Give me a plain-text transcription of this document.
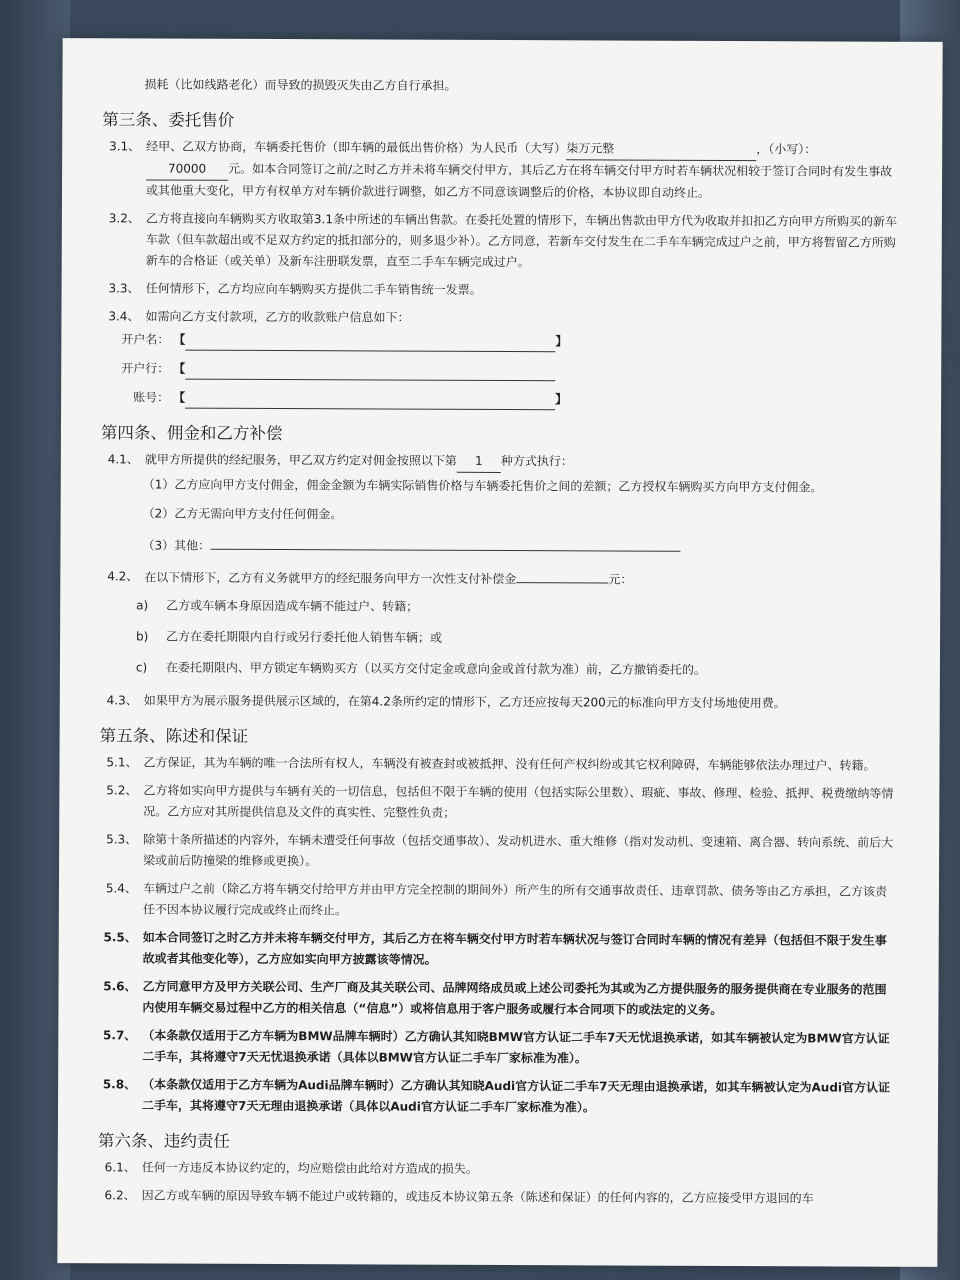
损耗（比如线路老化）而导致的损毁灭失由乙方自行承担。
第三条、委托售价
3.1、 经甲、乙双方协商，车辆委托售价（即车辆的最低出售价格）为人民币（大写）柒万元整	，（小写）：70000 元。如本合同签订之前/之时乙方并未将车辆交付甲方，其后乙方在将车辆交付甲方时若车辆状况相较于签订合同时有发生事故或其他重大变化，甲方有权单方对车辆价款进行调整，如乙方不同意该调整后的价格，本协议即自动终止。
3.2、 乙方将直接向车辆购买方收取第3.1条中所述的车辆出售款。在委托处置的情形下，车辆出售款由甲方代为收取并扣扣乙方向甲方所购买的新车车款（但车款超出或不足双方约定的抵扣部分的，则多退少补）。乙方同意，若新车交付发生在二手车车辆完成过户之前，甲方将暂留乙方所购新车的合格证（或关单）及新车注册联发票，直至二手车车辆完成过户。
3.3、 任何情形下，乙方均应向车辆购买方提供二手车销售统一发票。
3.4、 如需向乙方支付款项，乙方的收款账户信息如下：
开户名： 【	】
开户行： 【
账号： 【	】
第四条、佣金和乙方补偿
4.1、 就甲方所提供的经纪服务，甲乙双方约定对佣金按照以下第 1 种方式执行：
（1）乙方应向甲方支付佣金，佣金金额为车辆实际销售价格与车辆委托售价之间的差额；乙方授权车辆购买方向甲方支付佣金。
（2）乙方无需向甲方支付任何佣金。
（3）其他：
4.2、 在以下情形下，乙方有义务就甲方的经纪服务向甲方一次性支付补偿金	元：
a)	乙方或车辆本身原因造成车辆不能过户、转籍；
b)	乙方在委托期限内自行或另行委托他人销售车辆；或
c)	在委托期限内、甲方锁定车辆购买方（以买方交付定金或意向金或首付款为准）前，乙方撤销委托的。
4.3、 如果甲方为展示服务提供展示区域的，在第4.2条所约定的情形下，乙方还应按每天200元的标准向甲方支付场地使用费。
第五条、陈述和保证
5.1、 乙方保证，其为车辆的唯一合法所有权人，车辆没有被查封或被抵押、没有任何产权纠纷或其它权利障碍，车辆能够依法办理过户、转籍。
5.2、 乙方将如实向甲方提供与车辆有关的一切信息，包括但不限于车辆的使用（包括实际公里数）、瑕疵、事故、修理、检验、抵押、税费缴纳等情况。乙方应对其所提供信息及文件的真实性、完整性负责；
5.3、 除第十条所描述的内容外，车辆未遭受任何事故（包括交通事故）、发动机进水、重大维修（指对发动机、变速箱、离合器、转向系统、前后大梁或前后防撞梁的维修或更换）。
5.4、 车辆过户之前（除乙方将车辆交付给甲方并由甲方完全控制的期间外）所产生的所有交通事故责任、违章罚款、债务等由乙方承担，乙方该责任不因本协议履行完成或终止而终止。
5.5、 如本合同签订之时乙方并未将车辆交付甲方，其后乙方在将车辆交付甲方时若车辆状况与签订合同时车辆的情况有差异（包括但不限于发生事故或者其他变化等），乙方应如实向甲方披露该等情况。
5.6、 乙方同意甲方及甲方关联公司、生产厂商及其关联公司、品牌网络成员或上述公司委托为其或为乙方提供服务的服务提供商在专业服务的范围内使用车辆交易过程中乙方的相关信息（“信息”）或将信息用于客户服务或履行本合同项下的或法定的义务。
5.7、 （本条款仅适用于乙方车辆为BMW品牌车辆时）乙方确认其知晓BMW官方认证二手车7天无忧退换承诺，如其车辆被认定为BMW官方认证二手车，其将遵守7天无忧退换承诺（具体以BMW官方认证二手车厂家标准为准）。
5.8、 （本条款仅适用于乙方车辆为Audi品牌车辆时）乙方确认其知晓Audi官方认证二手车7天无理由退换承诺，如其车辆被认定为Audi官方认证二手车，其将遵守7天无理由退换承诺（具体以Audi官方认证二手车厂家标准为准）。
第六条、违约责任
6.1、 任何一方违反本协议约定的，均应赔偿由此给对方造成的损失。
6.2、 因乙方或车辆的原因导致车辆不能过户或转籍的，或违反本协议第五条（陈述和保证）的任何内容的，乙方应接受甲方退回的车
